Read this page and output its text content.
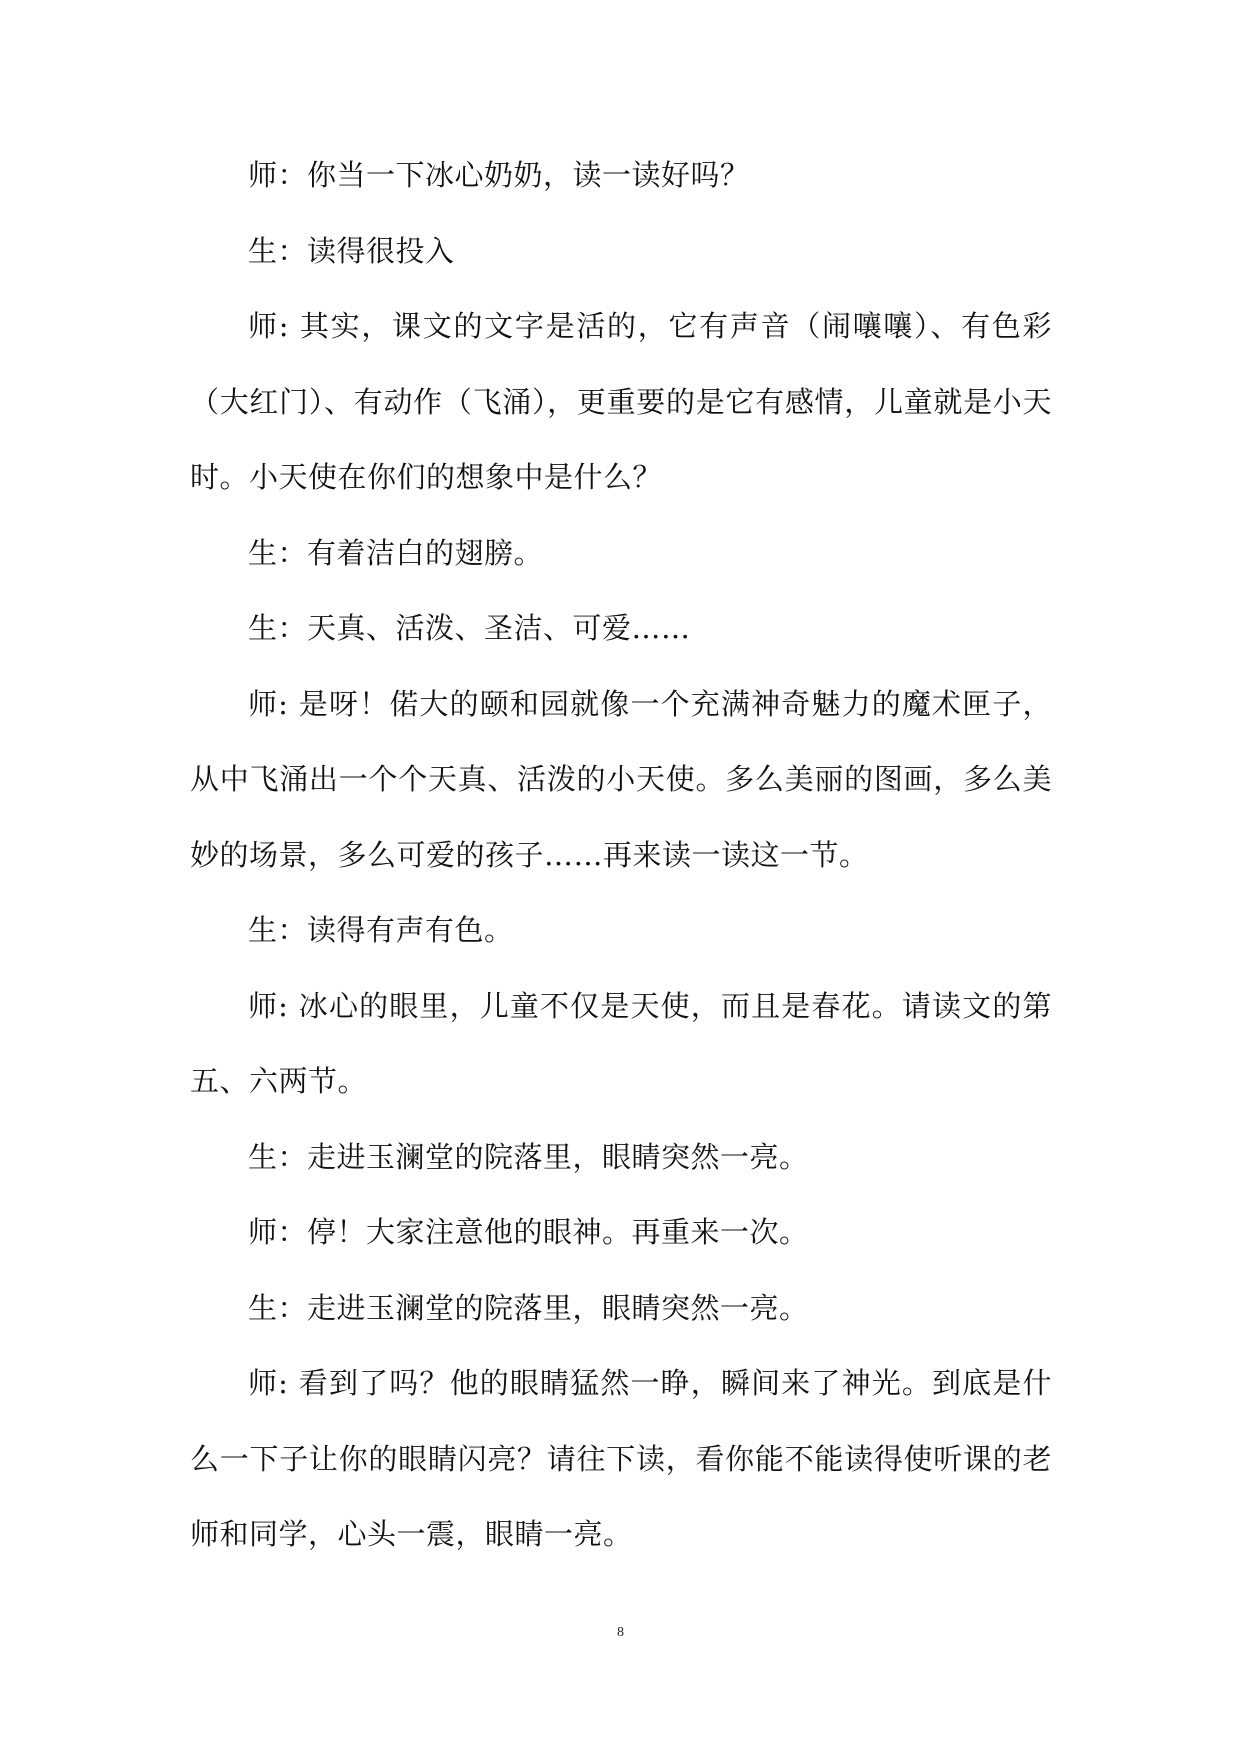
师：你当一下冰心奶奶，读一读好吗？

生：读得很投入

师: 其实，课文的文字是活的，它有声音（闹嚷嚷）、有色彩（大红门）、有动作（飞涌），更重要的是它有感情，儿童就是小天时。小天使在你们的想象中是什么？

生：有着洁白的翅膀。

生：天真、活泼、圣洁、可爱……

师: 是呀！偌大的颐和园就像一个充满神奇魅力的魔术匣子，从中飞涌出一个个天真、活泼的小天使。多么美丽的图画，多么美妙的场景，多么可爱的孩子……再来读一读这一节。

生：读得有声有色。

师: 冰心的眼里，儿童不仅是天使，而且是春花。请读文的第五、六两节。

生：走进玉澜堂的院落里，眼睛突然一亮。

师：停！大家注意他的眼神。再重来一次。

生：走进玉澜堂的院落里，眼睛突然一亮。

师: 看到了吗？他的眼睛猛然一睁，瞬间来了神光。到底是什么一下子让你的眼睛闪亮？请往下读，看你能不能读得使听课的老师和同学，心头一震，眼睛一亮。

8
